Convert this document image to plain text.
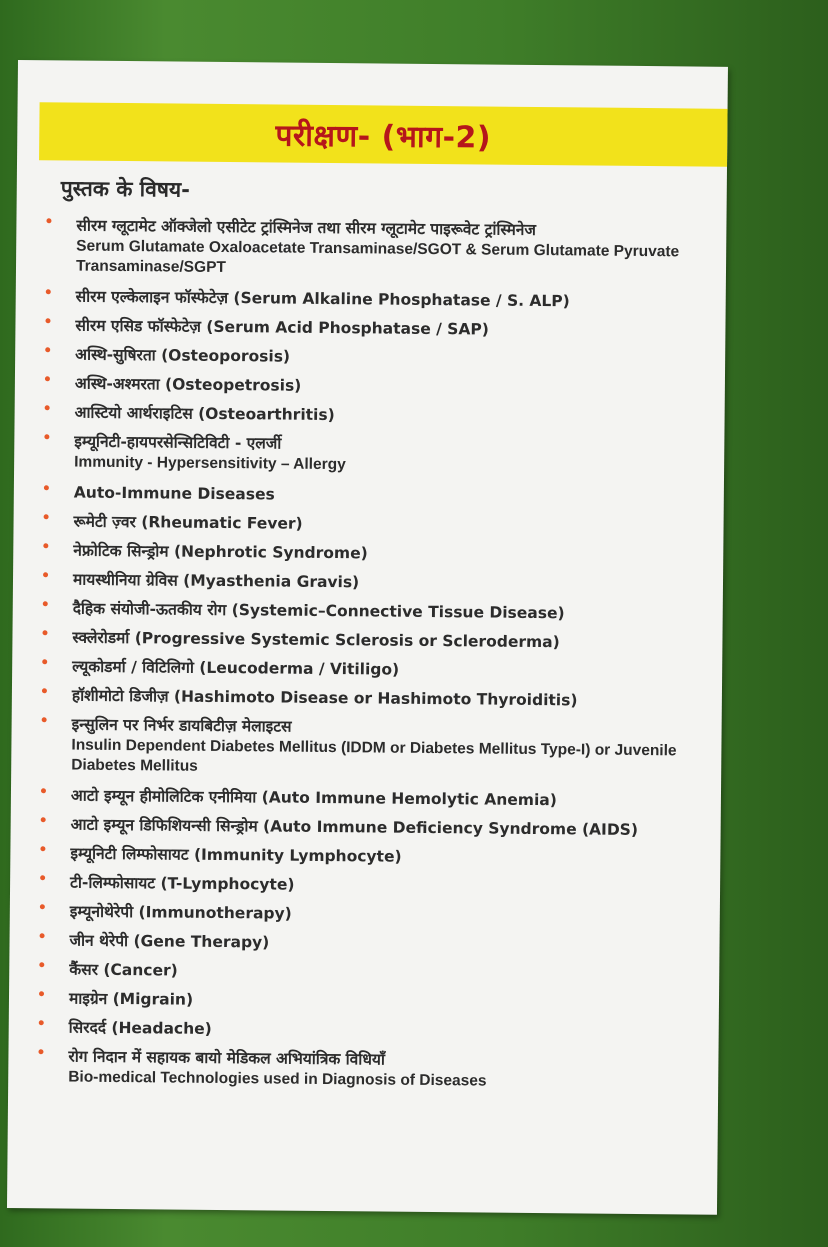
परीक्षण- (भाग-2)
पुस्तक के विषय-
सीरम ग्लूटामेट ऑक्जेलो एसीटेट ट्रांस्मिनेज तथा सीरम ग्लूटामेट पाइरूवेट ट्रांस्मिनेज
Serum Glutamate Oxaloacetate Transaminase/SGOT & Serum Glutamate Pyruvate Transaminase/SGPT
सीरम एल्केलाइन फॉस्फेटेज़ (Serum Alkaline Phosphatase / S. ALP)
सीरम एसिड फॉस्फेटेज़ (Serum Acid Phosphatase / SAP)
अस्थि-सुषिरता (Osteoporosis)
अस्थि-अश्मरता (Osteopetrosis)
आस्टियो आर्थराइटिस (Osteoarthritis)
इम्यूनिटी-हायपरसेन्सिटिविटी - एलर्जी
Immunity - Hypersensitivity – Allergy
Auto-Immune Diseases
रूमेटी ज़्वर (Rheumatic Fever)
नेफ्रोटिक सिन्ड्रोम (Nephrotic Syndrome)
मायस्थीनिया ग्रेविस (Myasthenia Gravis)
दैहिक संयोजी-ऊतकीय रोग (Systemic–Connective Tissue Disease)
स्क्लेरोडर्मा (Progressive Systemic Sclerosis or Scleroderma)
ल्यूकोडर्मा / विटिलिगो (Leucoderma / Vitiligo)
हॉशीमोटो डिजीज़ (Hashimoto Disease or Hashimoto Thyroiditis)
इन्सुलिन पर निर्भर डायबिटीज़ मेलाइटस
Insulin Dependent Diabetes Mellitus (IDDM or Diabetes Mellitus Type-I) or Juvenile Diabetes Mellitus
आटो इम्यून हीमोलिटिक एनीमिया (Auto Immune Hemolytic Anemia)
आटो इम्यून डिफिशियन्सी सिन्ड्रोम (Auto Immune Deficiency Syndrome (AIDS)
इम्यूनिटी लिम्फोसायट (Immunity Lymphocyte)
टी-लिम्फोसायट (T-Lymphocyte)
इम्यूनोथेरेपी (Immunotherapy)
जीन थेरेपी (Gene Therapy)
कैंसर (Cancer)
माइग्रेन (Migrain)
सिरदर्द (Headache)
रोग निदान में सहायक बायो मेडिकल अभियांत्रिक विधियाँ
Bio-medical Technologies used in Diagnosis of Diseases
